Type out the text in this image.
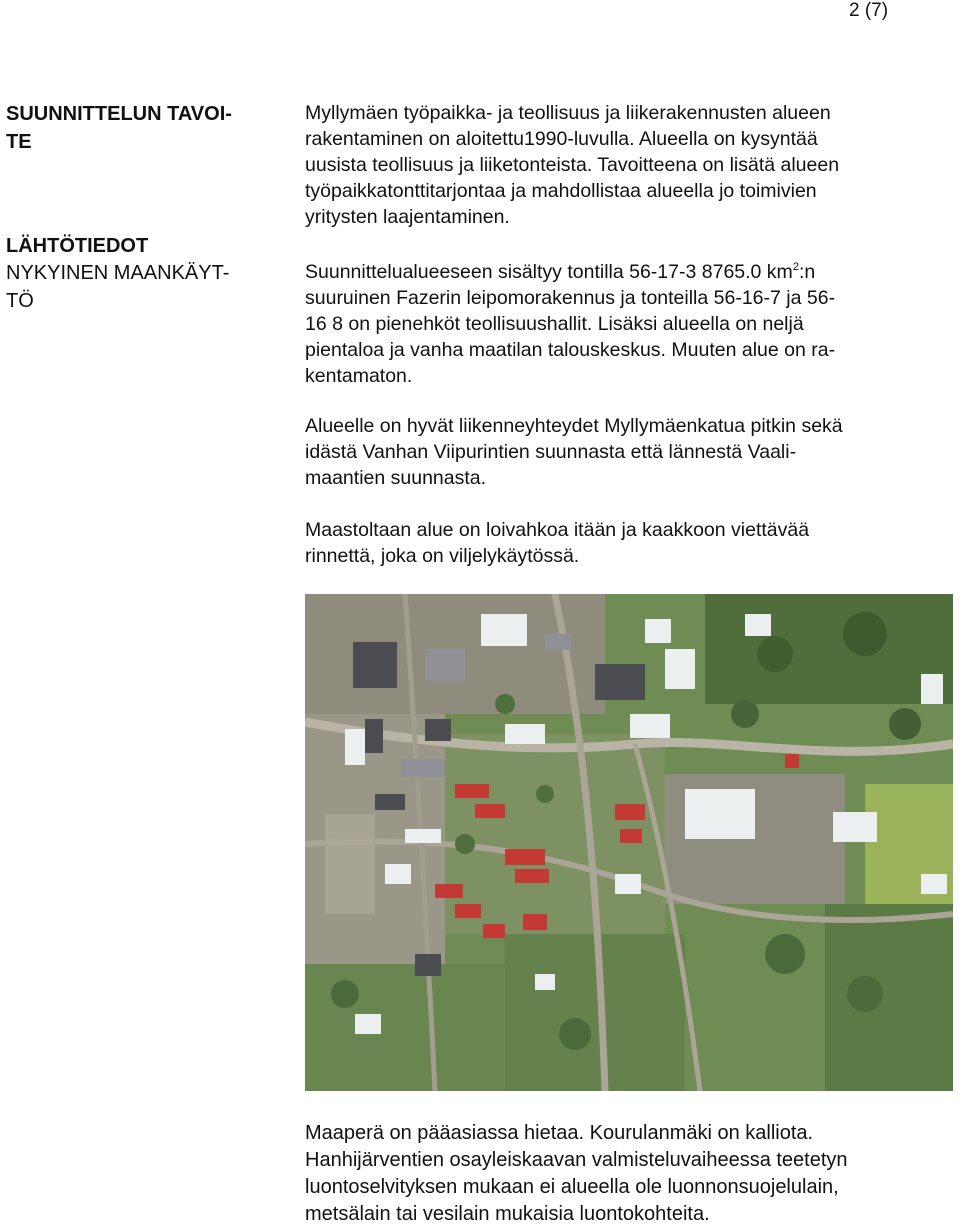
2 (7)
SUUNNITTELUN TAVOI-
TE
LÄHTÖTIEDOT
NYKYINEN MAANKÄYT-
TÖ

Myllymäen työpaikka- ja teollisuus ja liikerakennusten alueen
rakentaminen on aloitettu1990-luvulla. Alueella on kysyntää
uusista teollisuus ja liiketonteista. Tavoitteena on lisätä alueen
työpaikkatonttitarjontaa ja mahdollistaa alueella jo toimivien
yritysten laajentaminen.

Suunnittelualueeseen sisältyy tontilla 56-17-3 8765.0 $km^2:n$
suuruinen Fazerin leipomorakennus ja tonteilla 56-16-7 ja 56-
16 8 on pienehköt teollisuushallit. Lisäksi alueella on neljä
pientaloa ja vanha maatilan talouskeskus. Muuten alue on ra-
kentamaton.

Alueelle on hyvät liikenneyhteydet Myllymäenkatua pitkin sekä
idästä Vanhan Viipurintien suunnasta että lännestä Vaali-
maantien suunnasta.

Maastoltaan alue on loivahkoa itään ja kaakkoon viettävää
rinnettä, joka on viljelykäytössä.

Maaperä on pääasiassa hietaa. Kourulanmäki on kalliota.
Hanhijärventien osayleiskaavan valmisteluvaiheessa teetetyn
luontoselvityksen mukaan ei alueella ole luonnonsuojelulain,
metsälain tai vesilain mukaisia luontokohteita.
